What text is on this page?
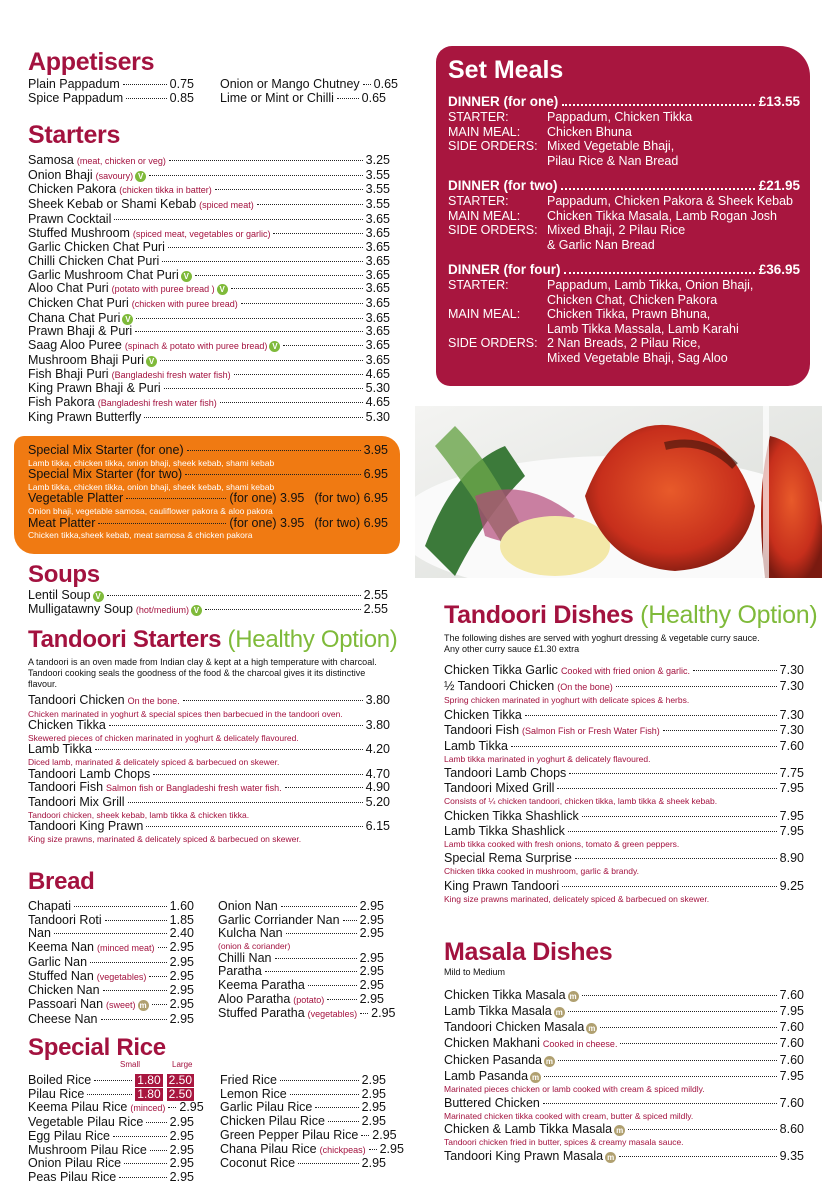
Appetisers
Plain Pappadum	0.75
Spice Pappadum	0.85
Onion or Mango Chutney 0.65
Lime or Mint or Chilli 0.65
Starters
Samosa (meat, chicken or veg)	3.25
Onion Bhaji (savoury) V	3.55
Chicken Pakora (chicken tikka in batter)	3.55
Sheek Kebab or Shami Kebab (spiced meat)	3.55
Prawn Cocktail	3.65
Stuffed Mushroom (spiced meat, vegetables or garlic)	3.65
Garlic Chicken Chat Puri	3.65
Chilli Chicken Chat Puri	3.65
Garlic Mushroom Chat Puri V	3.65
Aloo Chat Puri (potato with puree bread ) V	3.65
Chicken Chat Puri (chicken with puree bread)	3.65
Chana Chat Puri V	3.65
Prawn Bhaji & Puri	3.65
Saag Aloo Puree (spinach & potato with puree bread) V	3.65
Mushroom Bhaji Puri V	3.65
Fish Bhaji Puri (Bangladeshi fresh water fish)	4.65
King Prawn Bhaji & Puri	5.30
Fish Pakora (Bangladeshi fresh water fish)	4.65
King Prawn Butterfly	5.30
Special Mix Starter (for one)	3.95
Lamb tikka, chicken tikka, onion bhaji, sheek kebab, shami kebab
Special Mix Starter (for two)	6.95
Lamb tikka, chicken tikka, onion bhaji, sheek kebab, shami kebab
Vegetable Platter	(for one) 3.95 (for two) 6.95
Onion bhaji, vegetable samosa, cauliflower pakora & aloo pakora
Meat Platter	(for one) 3.95 (for two) 6.95
Chicken tikka,sheek kebab, meat samosa & chicken pakora
Soups
Lentil Soup V	2.55
Mulligatawny Soup (hot/medium) V	2.55
Tandoori Starters (Healthy Option)
A tandoori is an oven made from Indian clay & kept at a high temperature with charcoal. Tandoori cooking seals the goodness of the food & the charcoal gives it its distinctive flavour.
Tandoori Chicken On the bone.	3.80
Chicken marinated in yoghurt & special spices then barbecued in the tandoori oven.
Chicken Tikka	3.80
Skewered pieces of chicken marinated in yoghurt & delicately flavoured.
Lamb Tikka	4.20
Diced lamb, marinated & delicately spiced & barbecued on skewer.
Tandoori Lamb Chops	4.70
Tandoori Fish Salmon fish or Bangladeshi fresh water fish.	4.90
Tandoori Mix Grill	5.20
Tandoori chicken, sheek kebab, lamb tikka & chicken tikka.
Tandoori King Prawn	6.15
King size prawns, marinated & delicately spiced & barbecued on skewer.
Bread
Chapati	1.60
Tandoori Roti	1.85
Nan	2.40
Keema Nan (minced meat) 2.95
Garlic Nan	2.95
Stuffed Nan (vegetables) 2.95
Chicken Nan	2.95
Passoari Nan (sweet) m 2.95
Cheese Nan	2.95
Onion Nan	2.95
Garlic Corriander Nan 2.95
Kulcha Nan	2.95
(onion & coriander)
Chilli Nan	2.95
Paratha	2.95
Keema Paratha	2.95
Aloo Paratha (potato)	2.95
Stuffed Paratha (vegetables) 2.95
Special Rice
Small	Large
Boiled Rice	1.80 2.50
Pilau Rice	1.80 2.50
Keema Pilau Rice (minced) 2.95
Vegetable Pilau Rice 2.95
Egg Pilau Rice	2.95
Mushroom Pilau Rice 2.95
Onion Pilau Rice	2.95
Peas Pilau Rice	2.95
Fried Rice	2.95
Lemon Rice	2.95
Garlic Pilau Rice	2.95
Chicken Pilau Rice	2.95
Green Pepper Pilau Rice 2.95
Chana Pilau Rice (chickpeas) 2.95
Coconut Rice	2.95
Set Meals
DINNER (for one)	£13.55
STARTER:	Pappadum, Chicken Tikka
MAIN MEAL:	Chicken Bhuna
SIDE ORDERS: Mixed Vegetable Bhaji,
Pilau Rice & Nan Bread
DINNER (for two)	£21.95
STARTER:	Pappadum, Chicken Pakora & Sheek Kebab
MAIN MEAL:	Chicken Tikka Masala, Lamb Rogan Josh
SIDE ORDERS: Mixed Bhaji, 2 Pilau Rice
& Garlic Nan Bread
DINNER (for four)	£36.95
STARTER:	Pappadum, Lamb Tikka, Onion Bhaji,
Chicken Chat, Chicken Pakora
MAIN MEAL:	Chicken Tikka, Prawn Bhuna,
Lamb Tikka Massala, Lamb Karahi
SIDE ORDERS: 2 Nan Breads, 2 Pilau Rice,
Mixed Vegetable Bhaji, Sag Aloo
Tandoori Dishes (Healthy Option)
The following dishes are served with yoghurt dressing & vegetable curry sauce.
Any other curry sauce £1.30 extra
Chicken Tikka Garlic Cooked with fried onion & garlic.	7.30
½ Tandoori Chicken (On the bone)	7.30
Spring chicken marinated in yoghurt with delicate spices & herbs.
Chicken Tikka	7.30
Tandoori Fish (Salmon Fish or Fresh Water Fish)	7.30
Lamb Tikka	7.60
Lamb tikka marinated in yoghurt & delicately flavoured.
Tandoori Lamb Chops	7.75
Tandoori Mixed Grill	7.95
Consists of ¼ chicken tandoori, chicken tikka, lamb tikka & sheek kebab.
Chicken Tikka Shashlick	7.95
Lamb Tikka Shashlick	7.95
Lamb tikka cooked with fresh onions, tomato & green peppers.
Special Rema Surprise	8.90
Chicken tikka cooked in mushroom, garlic & brandy.
King Prawn Tandoori	9.25
King size prawns marinated, delicately spiced & barbecued on skewer.
Masala Dishes
Mild to Medium
Chicken Tikka Masala m	7.60
Lamb Tikka Masala m	7.95
Tandoori Chicken Masala m	7.60
Chicken Makhani Cooked in cheese.	7.60
Chicken Pasanda m	7.60
Lamb Pasanda m	7.95
Marinated pieces chicken or lamb cooked with cream & spiced mildly.
Buttered Chicken	7.60
Marinated chicken tikka cooked with cream, butter & spiced mildly.
Chicken & Lamb Tikka Masala m	8.60
Tandoori chicken fried in butter, spices & creamy masala sauce.
Tandoori King Prawn Masala m	9.35
